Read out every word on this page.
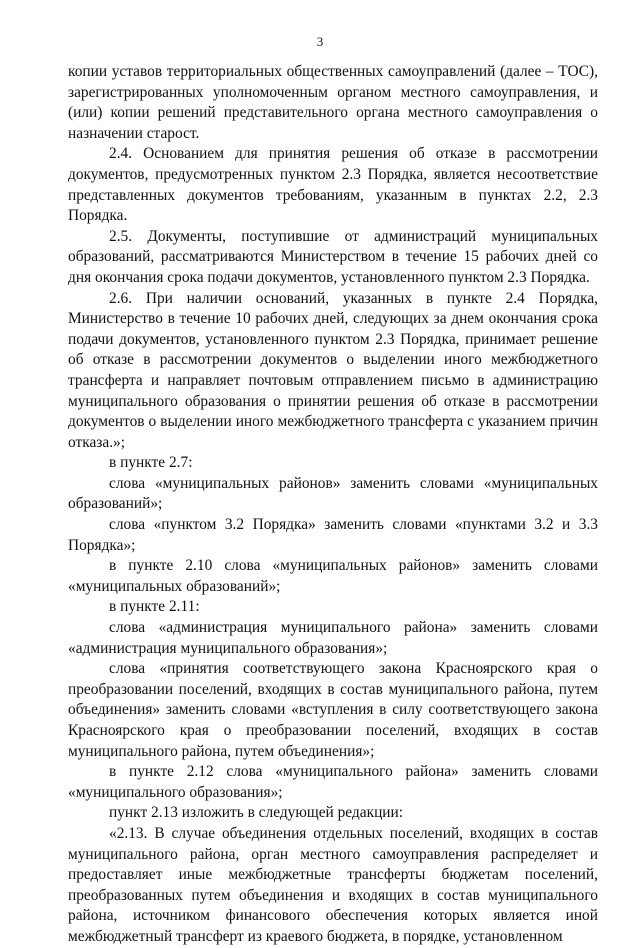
3

копии уставов территориальных общественных самоуправлений (далее – ТОС), зарегистрированных уполномоченным органом местного самоуправления, и (или) копии решений представительного органа местного самоуправления о назначении старост.

2.4. Основанием для принятия решения об отказе в рассмотрении документов, предусмотренных пунктом 2.3 Порядка, является несоответствие представленных документов требованиям, указанным в пунктах 2.2, 2.3 Порядка.

2.5. Документы, поступившие от администраций муниципальных образований, рассматриваются Министерством в течение 15 рабочих дней со дня окончания срока подачи документов, установленного пунктом 2.3 Порядка.

2.6. При наличии оснований, указанных в пункте 2.4 Порядка, Министерство в течение 10 рабочих дней, следующих за днем окончания срока подачи документов, установленного пунктом 2.3 Порядка, принимает решение об отказе в рассмотрении документов о выделении иного межбюджетного трансферта и направляет почтовым отправлением письмо в администрацию муниципального образования о принятии решения об отказе в рассмотрении документов о выделении иного межбюджетного трансферта с указанием причин отказа.»;

в пункте 2.7:

слова «муниципальных районов» заменить словами «муниципальных образований»;

слова «пунктом 3.2 Порядка» заменить словами «пунктами 3.2 и 3.3 Порядка»;

в пункте 2.10 слова «муниципальных районов» заменить словами «муниципальных образований»;

в пункте 2.11:

слова «администрация муниципального района» заменить словами «администрация муниципального образования»;

слова «принятия соответствующего закона Красноярского края о преобразовании поселений, входящих в состав муниципального района, путем объединения» заменить словами «вступления в силу соответствующего закона Красноярского края о преобразовании поселений, входящих в состав муниципального района, путем объединения»;

в пункте 2.12 слова «муниципального района» заменить словами «муниципального образования»;

пункт 2.13 изложить в следующей редакции:

«2.13. В случае объединения отдельных поселений, входящих в состав муниципального района, орган местного самоуправления распределяет и предоставляет иные межбюджетные трансферты бюджетам поселений, преобразованных путем объединения и входящих в состав муниципального района, источником финансового обеспечения которых является иной межбюджетный трансферт из краевого бюджета, в порядке, установленном
